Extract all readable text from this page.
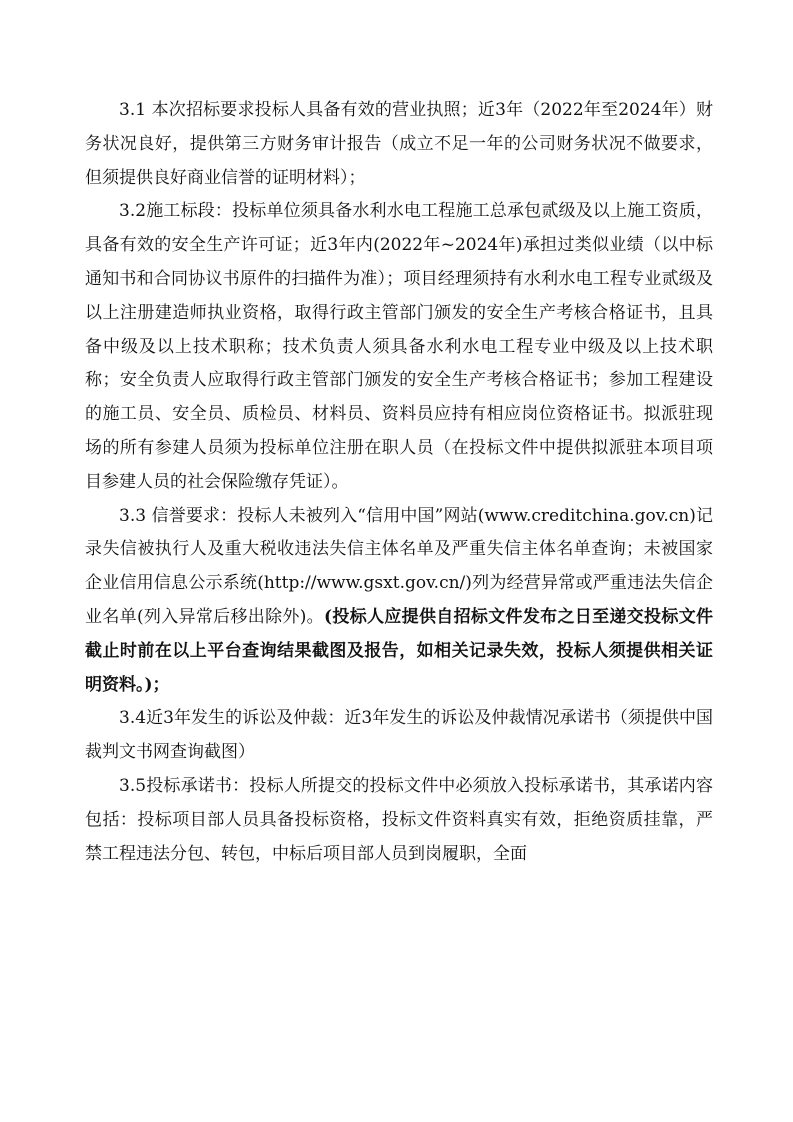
3.1 本次招标要求投标人具备有效的营业执照；近3年（2022年至2024年）财务状况良好，提供第三方财务审计报告（成立不足一年的公司财务状况不做要求，但须提供良好商业信誉的证明材料）；

3.2施工标段：投标单位须具备水利水电工程施工总承包贰级及以上施工资质，具备有效的安全生产许可证；近3年内(2022年~2024年)承担过类似业绩（以中标通知书和合同协议书原件的扫描件为准）；项目经理须持有水利水电工程专业贰级及以上注册建造师执业资格，取得行政主管部门颁发的安全生产考核合格证书，且具备中级及以上技术职称；技术负责人须具备水利水电工程专业中级及以上技术职称；安全负责人应取得行政主管部门颁发的安全生产考核合格证书；参加工程建设的施工员、安全员、质检员、材料员、资料员应持有相应岗位资格证书。拟派驻现场的所有参建人员须为投标单位注册在职人员（在投标文件中提供拟派驻本项目项目参建人员的社会保险缴存凭证）。

3.3 信誉要求：投标人未被列入“信用中国”网站(www.creditchina.gov.cn)记录失信被执行人及重大税收违法失信主体名单及严重失信主体名单查询；未被国家企业信用信息公示系统(http://www.gsxt.gov.cn/)列为经营异常或严重违法失信企业名单(列入异常后移出除外)。(投标人应提供自招标文件发布之日至递交投标文件截止时前在以上平台查询结果截图及报告，如相关记录失效，投标人须提供相关证明资料。)；

3.4近3年发生的诉讼及仲裁：近3年发生的诉讼及仲裁情况承诺书（须提供中国裁判文书网查询截图）

3.5投标承诺书：投标人所提交的投标文件中必须放入投标承诺书，其承诺内容包括：投标项目部人员具备投标资格，投标文件资料真实有效，拒绝资质挂靠，严禁工程违法分包、转包，中标后项目部人员到岗履职，全面
